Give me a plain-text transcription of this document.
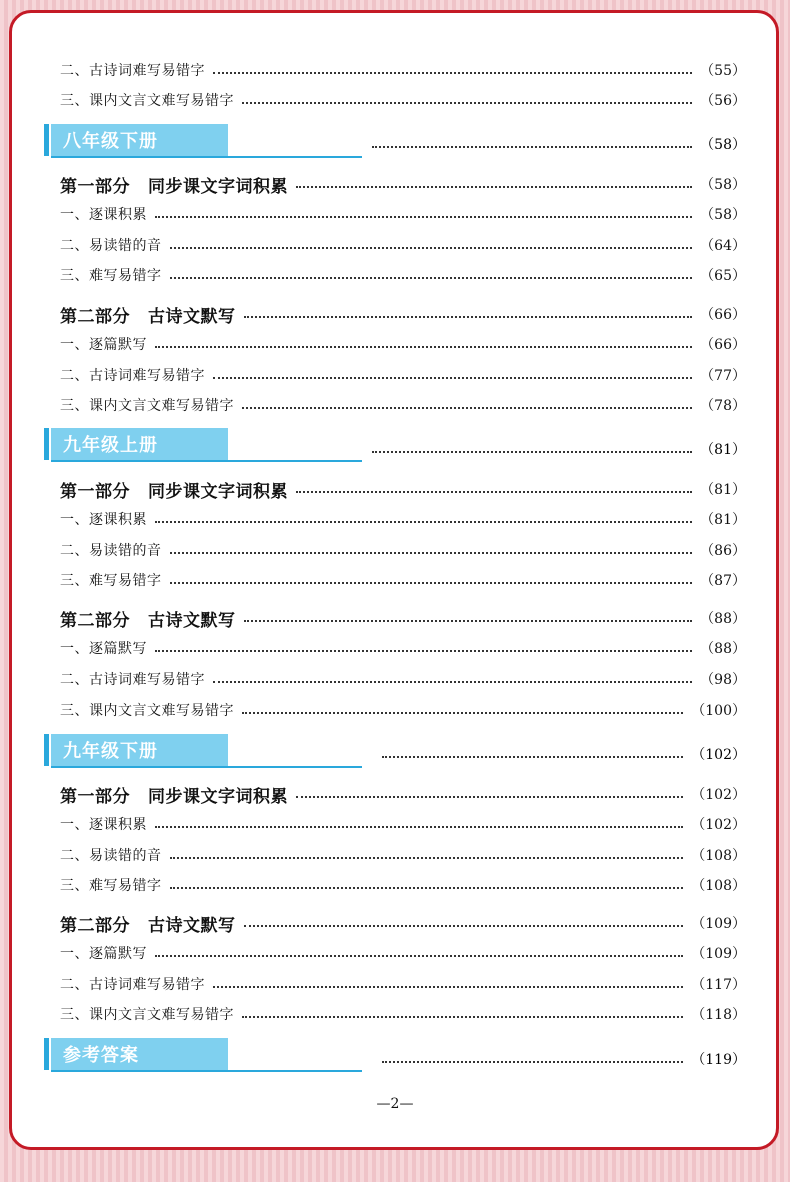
二、古诗词难写易错字	（55）
三、课内文言文难写易错字	（56）
八年级下册	（58）
第一部分 同步课文字词积累	（58）
一、逐课积累	（58）
二、易读错的音	（64）
三、难写易错字	（65）
第二部分 古诗文默写	（66）
一、逐篇默写	（66）
二、古诗词难写易错字	（77）
三、课内文言文难写易错字	（78）
九年级上册	（81）
第一部分 同步课文字词积累	（81）
一、逐课积累	（81）
二、易读错的音	（86）
三、难写易错字	（87）
第二部分 古诗文默写	（88）
一、逐篇默写	（88）
二、古诗词难写易错字	（98）
三、课内文言文难写易错字	（100）
九年级下册	（102）
第一部分 同步课文字词积累	（102）
一、逐课积累	（102）
二、易读错的音	（108）
三、难写易错字	（108）
第二部分 古诗文默写	（109）
一、逐篇默写	（109）
二、古诗词难写易错字	（117）
三、课内文言文难写易错字	（118）
参考答案	（119）
—2—
